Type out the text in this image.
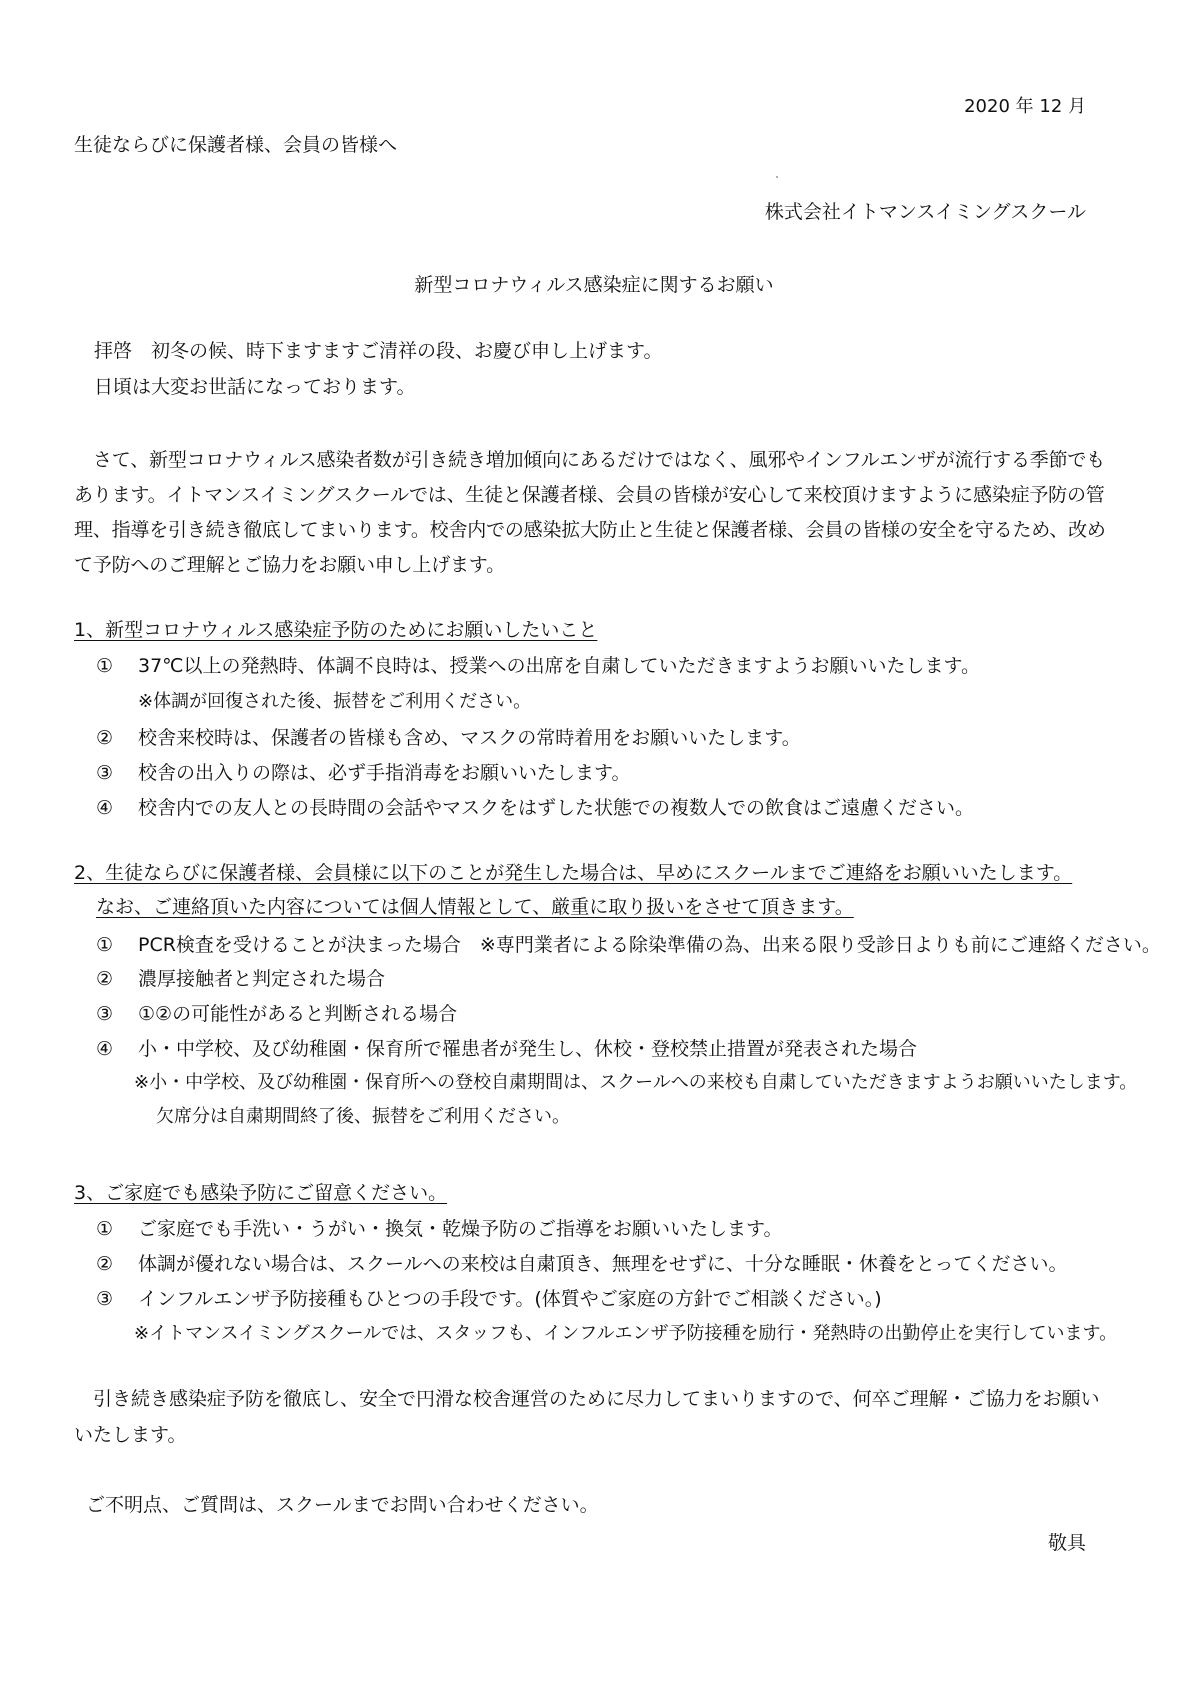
2020 年 12 月
生徒ならびに保護者様、会員の皆様へ
株式会社イトマンスイミングスクール
新型コロナウィルス感染症に関するお願い
拝啓　初冬の候、時下ますますご清祥の段、お慶び申し上げます。
日頃は大変お世話になっております。
さて、新型コロナウィルス感染者数が引き続き増加傾向にあるだけではなく、風邪やインフルエンザが流行する季節でもあります。イトマンスイミングスクールでは、生徒と保護者様、会員の皆様が安心して来校頂けますように感染症予防の管理、指導を引き続き徹底してまいります。校舎内での感染拡大防止と生徒と保護者様、会員の皆様の安全を守るため、改めて予防へのご理解とご協力をお願い申し上げます。
1、新型コロナウィルス感染症予防のためにお願いしたいこと
①	37℃以上の発熱時、体調不良時は、授業への出席を自粛していただきますようお願いいたします。
※体調が回復された後、振替をご利用ください。
②	校舎来校時は、保護者の皆様も含め、マスクの常時着用をお願いいたします。
③	校舎の出入りの際は、必ず手指消毒をお願いいたします。
④	校舎内での友人との長時間の会話やマスクをはずした状態での複数人での飲食はご遠慮ください。
2、生徒ならびに保護者様、会員様に以下のことが発生した場合は、早めにスクールまでご連絡をお願いいたします。
なお、ご連絡頂いた内容については個人情報として、厳重に取り扱いをさせて頂きます。
①	PCR検査を受けることが決まった場合　※専門業者による除染準備の為、出来る限り受診日よりも前にご連絡ください。
②	濃厚接触者と判定された場合
③	①②の可能性があると判断される場合
④	小・中学校、及び幼稚園・保育所で罹患者が発生し、休校・登校禁止措置が発表された場合
※小・中学校、及び幼稚園・保育所への登校自粛期間は、スクールへの来校も自粛していただきますようお願いいたします。
欠席分は自粛期間終了後、振替をご利用ください。
3、ご家庭でも感染予防にご留意ください。
①	ご家庭でも手洗い・うがい・換気・乾燥予防のご指導をお願いいたします。
②	体調が優れない場合は、スクールへの来校は自粛頂き、無理をせずに、十分な睡眠・休養をとってください。
③	インフルエンザ予防接種もひとつの手段です。(体質やご家庭の方針でご相談ください。)
※イトマンスイミングスクールでは、スタッフも、インフルエンザ予防接種を励行・発熱時の出勤停止を実行しています。
引き続き感染症予防を徹底し、安全で円滑な校舎運営のために尽力してまいりますので、何卒ご理解・ご協力をお願いいたします。
ご不明点、ご質問は、スクールまでお問い合わせください。
敬具
